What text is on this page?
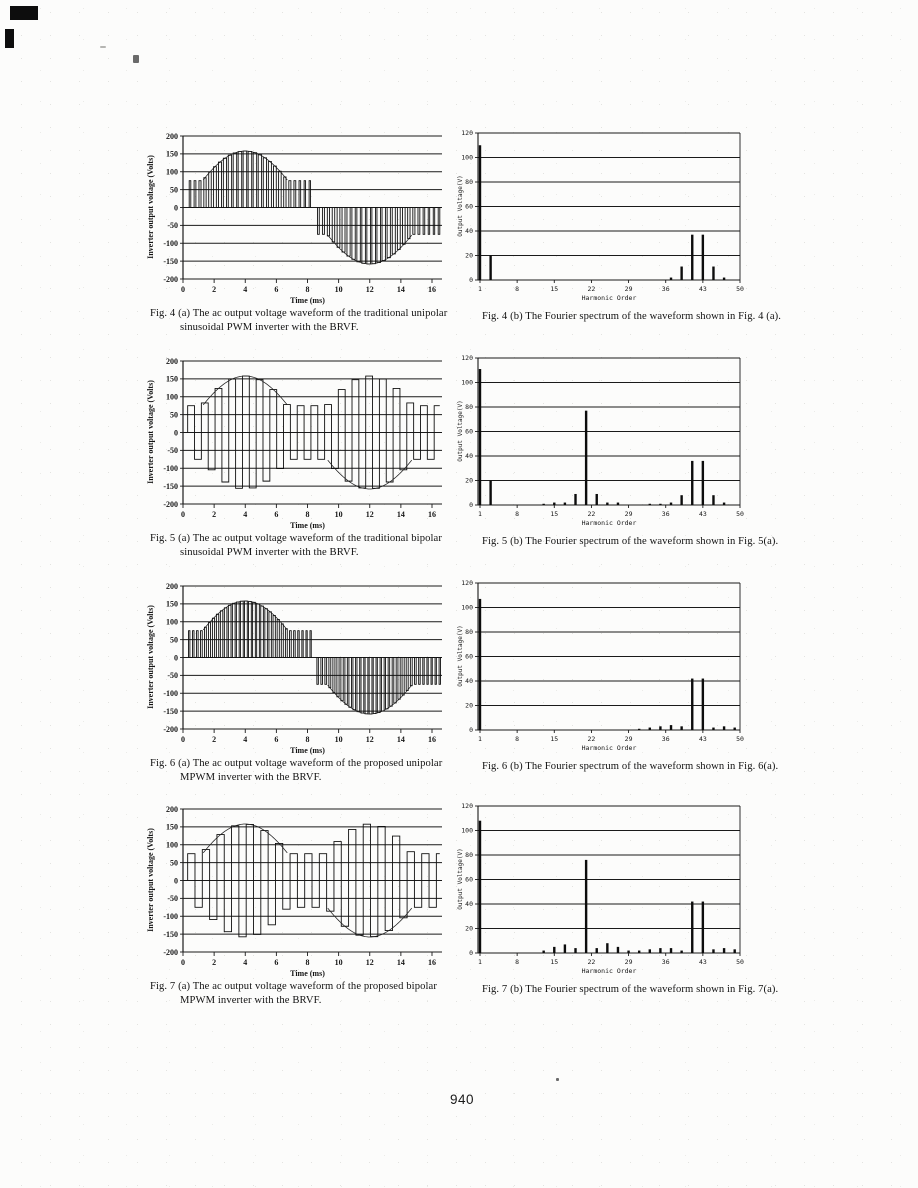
-200
-150
-100
-50
0
50
100
150
200
0	2	4	6	8	10	12	14	16
Time (ms)
Inverter output voltage (Volts)
0
20
40
60
80
100
120
1	8	15	22	29	36	43	50
Harmonic Order
Output Voltage(V)
Fig. 4 (a) The ac output voltage waveform of the traditional unipolar
sinusoidal PWM inverter with the BRVF.
Fig. 4 (b) The Fourier spectrum of the waveform shown in Fig. 4 (a).
-200
-150
-100
-50
0
50
100
150
200
0	2	4	6	8	10	12	14	16
Time (ms)
Inverter output voltage (Volts)
0
20
40
60
80
100
120
1	8	15	22	29	36	43	50
Harmonic Order
Output Voltage(V)
Fig. 5 (a) The ac output voltage waveform of the traditional bipolar
sinusoidal PWM inverter with the BRVF.
Fig. 5 (b) The Fourier spectrum of the waveform shown in Fig. 5(a).
-200
-150
-100
-50
0
50
100
150
200
0	2	4	6	8	10	12	14	16
Time (ms)
Inverter output voltage (Volts)
0
20
40
60
80
100
120
1	8	15	22	29	36	43	50
Harmonic Order
Output Voltage(V)
Fig. 6 (a) The ac output voltage waveform of the proposed unipolar
MPWM inverter with the BRVF.
Fig. 6 (b) The Fourier spectrum of the waveform shown in Fig. 6(a).
-200
-150
-100
-50
0
50
100
150
200
0	2	4	6	8	10	12	14	16
Time (ms)
Inverter output voltage (Volts)
0
20
40
60
80
100
120
1	8	15	22	29	36	43	50
Harmonic Order
Output Voltage(V)
Fig. 7 (a) The ac output voltage waveform of the proposed bipolar
MPWM inverter with the BRVF.
Fig. 7 (b) The Fourier spectrum of the waveform shown in Fig. 7(a).
940
